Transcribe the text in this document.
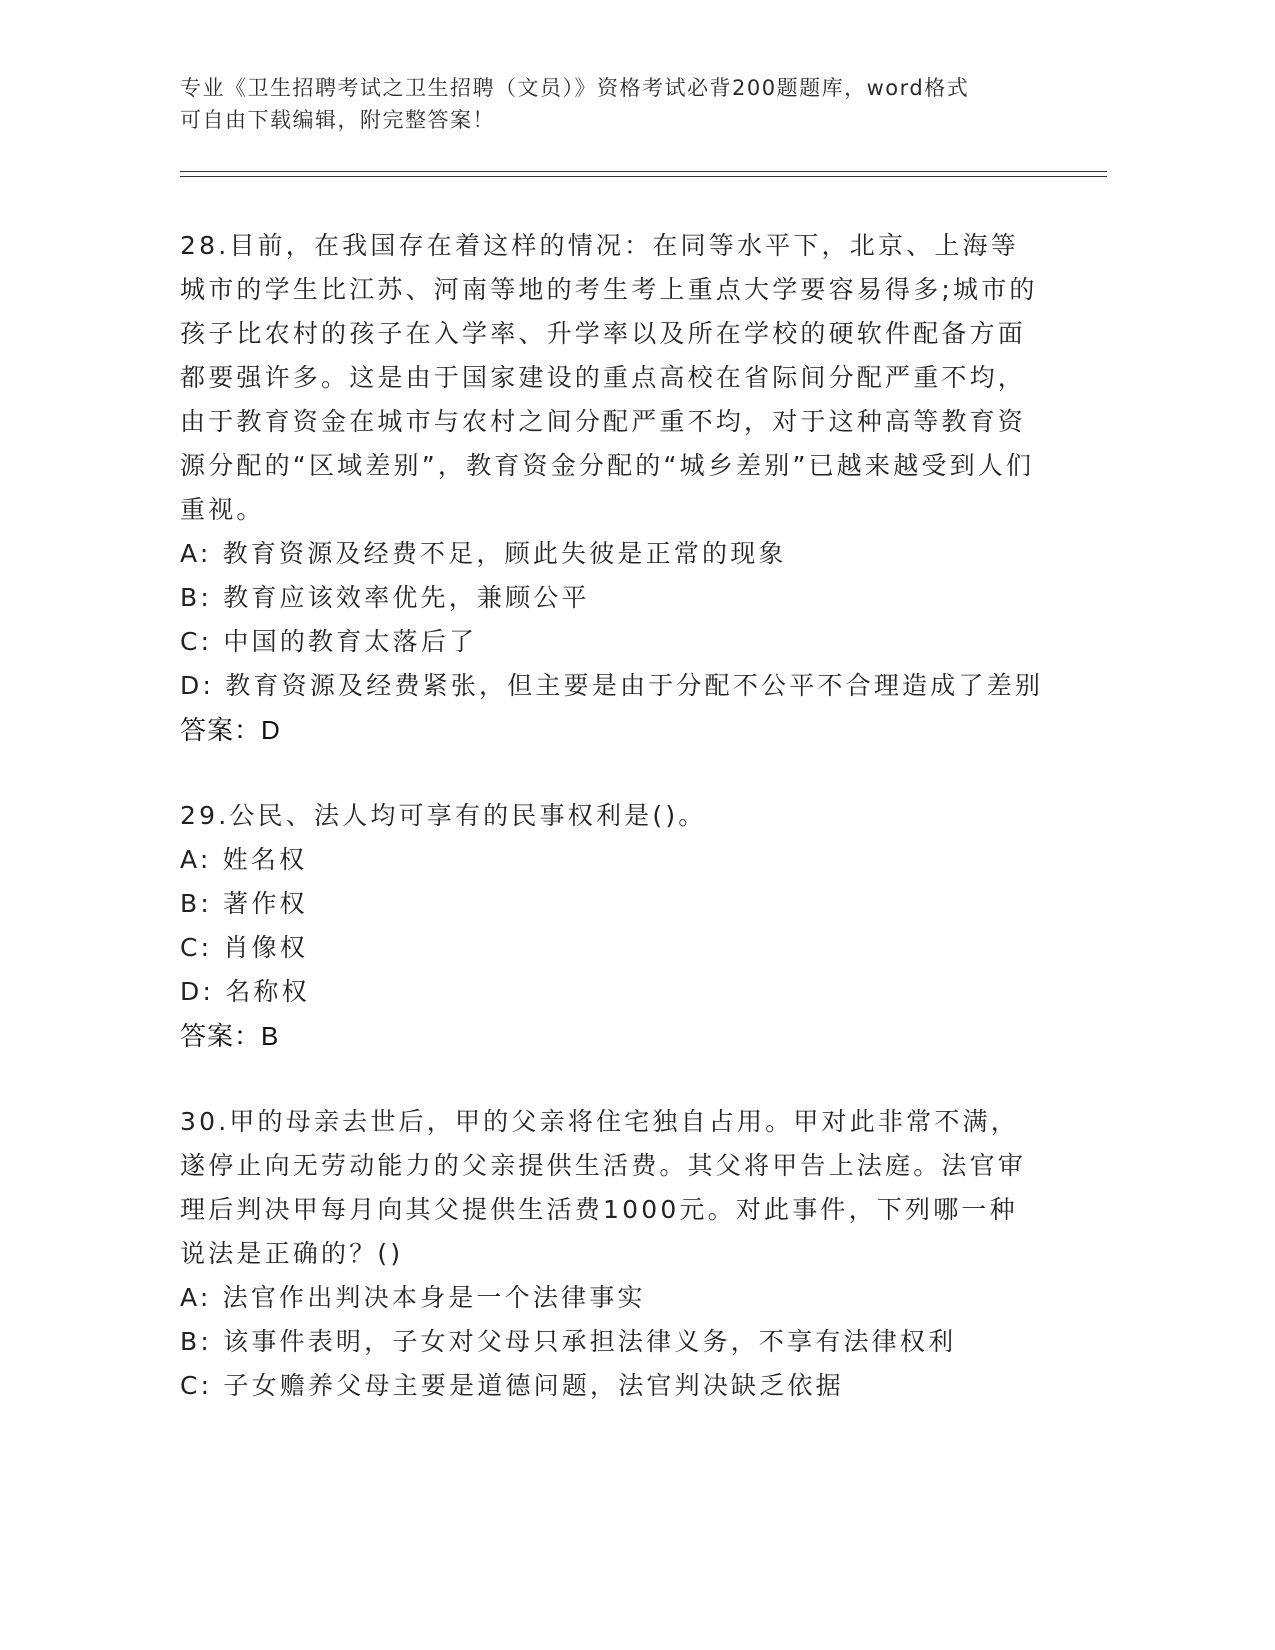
专业《卫生招聘考试之卫生招聘（文员）》资格考试必背200题题库，word格式
可自由下载编辑，附完整答案！

28.目前，在我国存在着这样的情况：在同等水平下，北京、上海等城市的学生比江苏、河南等地的考生考上重点大学要容易得多;城市的孩子比农村的孩子在入学率、升学率以及所在学校的硬软件配备方面都要强许多。这是由于国家建设的重点高校在省际间分配严重不均，由于教育资金在城市与农村之间分配严重不均，对于这种高等教育资源分配的“区域差别”，教育资金分配的“城乡差别”已越来越受到人们重视。

A: 教育资源及经费不足，顾此失彼是正常的现象

B: 教育应该效率优先，兼顾公平

C: 中国的教育太落后了

D: 教育资源及经费紧张，但主要是由于分配不公平不合理造成了差别

答案：D

29.公民、法人均可享有的民事权利是()。

A: 姓名权

B: 著作权

C: 肖像权

D: 名称权

答案：B

30.甲的母亲去世后，甲的父亲将住宅独自占用。甲对此非常不满，遂停止向无劳动能力的父亲提供生活费。其父将甲告上法庭。法官审理后判决甲每月向其父提供生活费1000元。对此事件，下列哪一种说法是正确的？()

A: 法官作出判决本身是一个法律事实

B: 该事件表明，子女对父母只承担法律义务，不享有法律权利

C: 子女赡养父母主要是道德问题，法官判决缺乏依据
